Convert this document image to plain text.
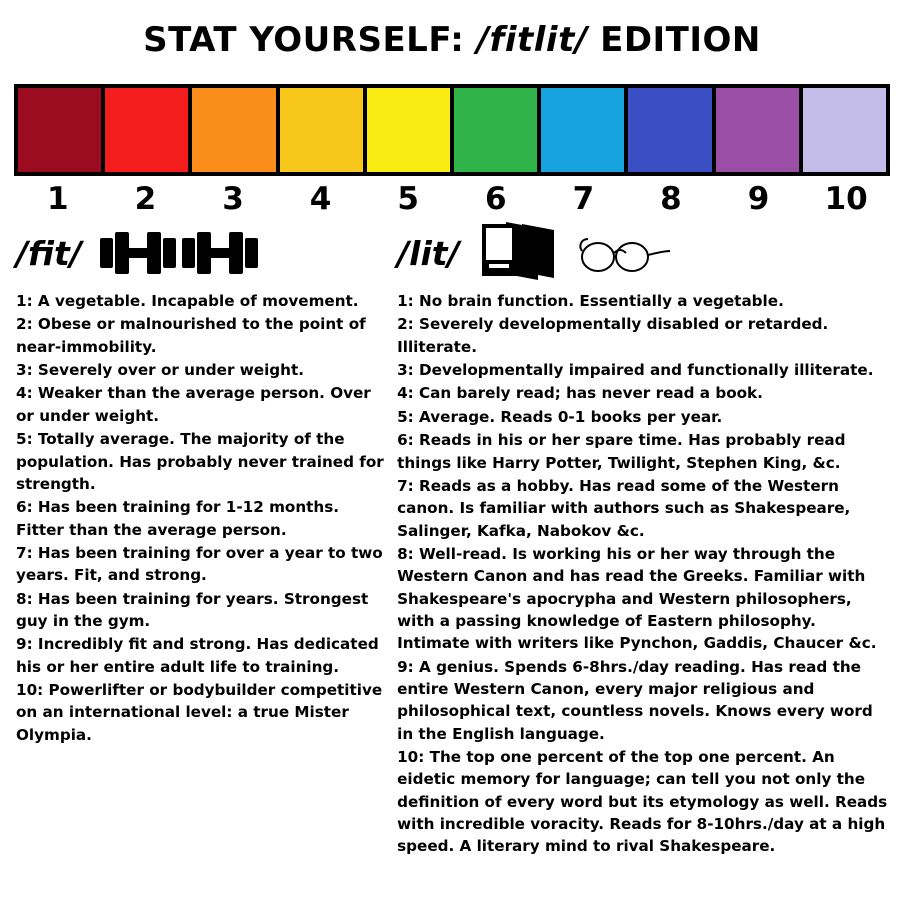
STAT YOURSELF: /fitlit/ EDITION
1	2	3	4	5	6	7	8	9	10
/fit/

1: A vegetable. Incapable of movement.

2: Obese or malnourished to the point of near-immobility.

3: Severely over or under weight.

4: Weaker than the average person. Over or under weight.

5: Totally average. The majority of the population. Has probably never trained for strength.

6: Has been training for 1-12 months. Fitter than the average person.

7: Has been training for over a year to two years. Fit, and strong.

8: Has been training for years. Strongest guy in the gym.

9: Incredibly fit and strong. Has dedicated his or her entire adult life to training.

10: Powerlifter or bodybuilder competitive on an international level: a true Mister Olympia.

/lit/

1: No brain function. Essentially a vegetable.

2: Severely developmentally disabled or retarded. Illiterate.

3: Developmentally impaired and functionally illiterate.

4: Can barely read; has never read a book.

5: Average. Reads 0-1 books per year.

6: Reads in his or her spare time. Has probably read things like Harry Potter, Twilight, Stephen King, &c.

7: Reads as a hobby. Has read some of the Western canon. Is familiar with authors such as Shakespeare, Salinger, Kafka, Nabokov &c.

8: Well-read. Is working his or her way through the Western Canon and has read the Greeks. Familiar with Shakespeare's apocrypha and Western philosophers, with a passing knowledge of Eastern philosophy. Intimate with writers like Pynchon, Gaddis, Chaucer &c.

9: A genius. Spends 6-8hrs./day reading. Has read the entire Western Canon, every major religious and philosophical text, countless novels. Knows every word in the English language.

10: The top one percent of the top one percent. An eidetic memory for language; can tell you not only the definition of every word but its etymology as well. Reads with incredible voracity. Reads for 8-10hrs./day at a high speed. A literary mind to rival Shakespeare.
